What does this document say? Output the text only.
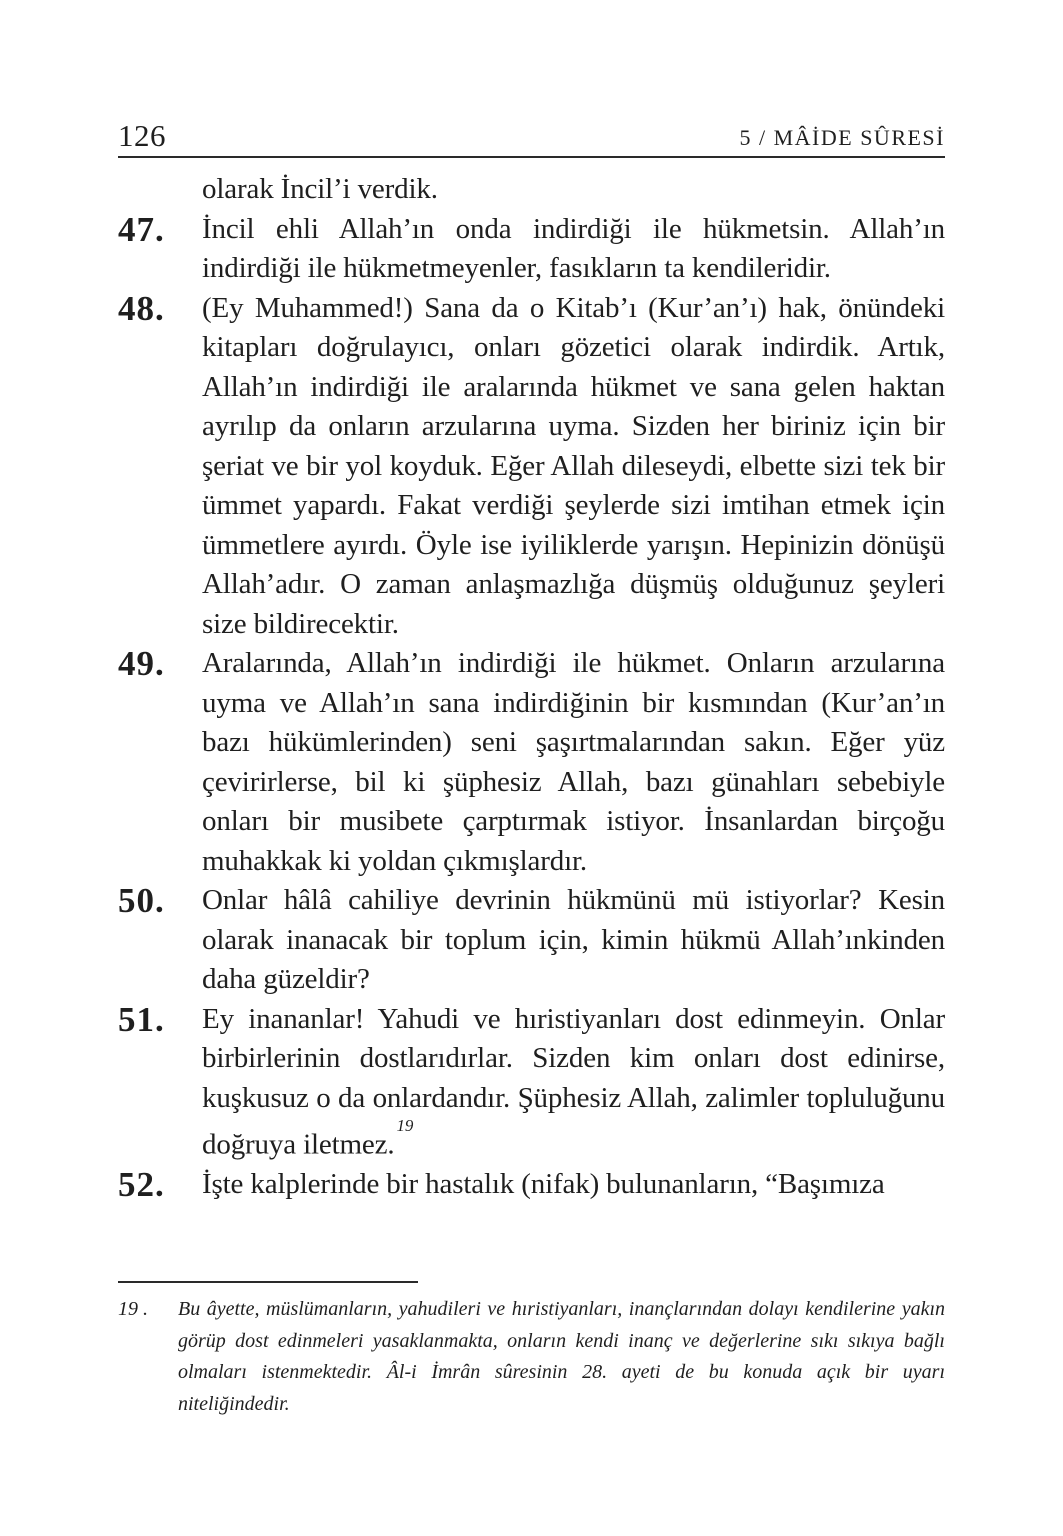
126	5 / MÂİDE SÛRESİ
olarak İncil’i verdik.
47.	İncil ehli Allah’ın onda indirdiği ile hükmetsin. Allah’ın indirdiği ile hükmetmeyenler, fasıkların ta kendileridir.
48.	(Ey Muhammed!) Sana da o Kitab’ı (Kur’an’ı) hak, önündeki kitapları doğrulayıcı, onları gözetici olarak indirdik. Artık, Allah’ın indirdiği ile aralarında hükmet ve sana gelen haktan ayrılıp da onların arzularına uyma. Sizden her biriniz için bir şeriat ve bir yol koyduk. Eğer Allah dileseydi, elbette sizi tek bir ümmet yapardı. Fakat verdiği şeylerde sizi imtihan etmek için ümmetlere ayırdı. Öyle ise iyiliklerde yarışın. Hepinizin dönüşü Allah’adır. O zaman anlaşmazlığa düşmüş olduğunuz şeyleri size bildirecektir.
49.	Aralarında, Allah’ın indirdiği ile hükmet. Onların arzularına uyma ve Allah’ın sana indirdiğinin bir kısmından (Kur’an’ın bazı hükümlerinden) seni şaşırtmalarından sakın. Eğer yüz çevirirlerse, bil ki şüphesiz Allah, bazı günahları sebebiyle onları bir musibete çarptırmak istiyor. İnsanlardan birçoğu muhakkak ki yoldan çıkmışlardır.
50.	Onlar hâlâ cahiliye devrinin hükmünü mü istiyorlar? Kesin olarak inanacak bir toplum için, kimin hükmü Allah’ınkinden daha güzeldir?
51.	Ey inananlar! Yahudi ve hıristiyanları dost edinmeyin. Onlar birbirlerinin dostlarıdırlar. Sizden kim onları dost edinirse, kuşkusuz o da onlardandır. Şüphesiz Allah, zalimler topluluğunu doğruya iletmez.$^{19}$
52.	İşte kalplerinde bir hastalık (nifak) bulunanların, “Başımıza
19 .	Bu âyette, müslümanların, yahudileri ve hıristiyanları, inançlarından dolayı kendilerine yakın görüp dost edinmeleri yasaklanmakta, onların kendi inanç ve değerlerine sıkı sıkıya bağlı olmaları istenmektedir. Âl-i İmrân sûresinin 28. ayeti de bu konuda açık bir uyarı niteliğindedir.
